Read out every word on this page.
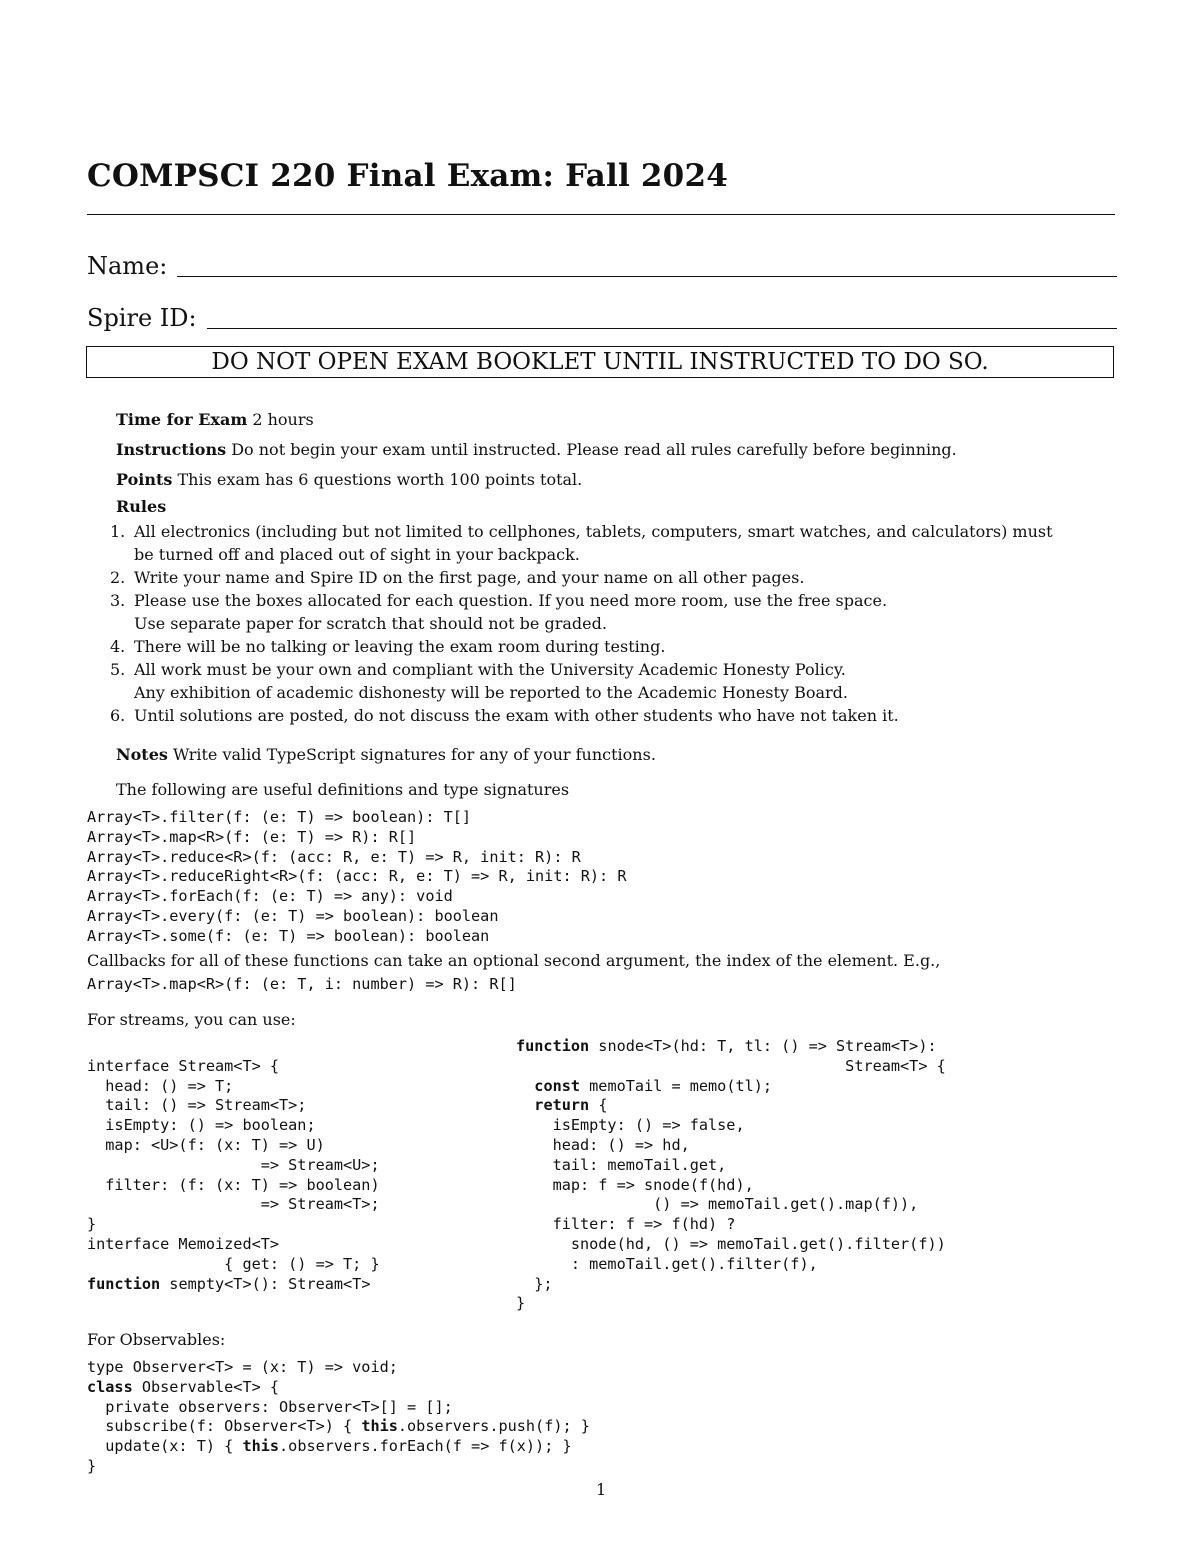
COMPSCI 220 Final Exam: Fall 2024
Name:
Spire ID:
DO NOT OPEN EXAM BOOKLET UNTIL INSTRUCTED TO DO SO.

Time for Exam 2 hours

Instructions Do not begin your exam until instructed. Please read all rules carefully before beginning.

Points This exam has 6 questions worth 100 points total.

Rules

1. All electronics (including but not limited to cellphones, tablets, computers, smart watches, and calculators) must
be turned off and placed out of sight in your backpack.
2. Write your name and Spire ID on the first page, and your name on all other pages.
3. Please use the boxes allocated for each question. If you need more room, use the free space.
Use separate paper for scratch that should not be graded.
4. There will be no talking or leaving the exam room during testing.
5. All work must be your own and compliant with the University Academic Honesty Policy.
Any exhibition of academic dishonesty will be reported to the Academic Honesty Board.
6. Until solutions are posted, do not discuss the exam with other students who have not taken it.

Notes Write valid TypeScript signatures for any of your functions.

The following are useful definitions and type signatures

Array<T>.filter(f: (e: T) => boolean): T[]
Array<T>.map<R>(f: (e: T) => R): R[]
Array<T>.reduce<R>(f: (acc: R, e: T) => R, init: R): R
Array<T>.reduceRight<R>(f: (acc: R, e: T) => R, init: R): R
Array<T>.forEach(f: (e: T) => any): void
Array<T>.every(f: (e: T) => boolean): boolean
Array<T>.some(f: (e: T) => boolean): boolean

Callbacks for all of these functions can take an optional second argument, the index of the element. E.g.,

Array<T>.map<R>(f: (e: T, i: number) => R): R[]

For streams, you can use:

interface Stream<T> {
head: () => T;
tail: () => Stream<T>;
isEmpty: () => boolean;
map: <U>(f: (x: T) => U)
=> Stream<U>;
filter: (f: (x: T) => boolean)
=> Stream<T>;
}
interface Memoized<T>
{ get: () => T; }
function sempty<T>(): Stream<T>
function snode<T>(hd: T, tl: () => Stream<T>):
Stream<T> {
const memoTail = memo(tl);
return {
isEmpty: () => false,
head: () => hd,
tail: memoTail.get,
map: f => snode(f(hd),
() => memoTail.get().map(f)),
filter: f => f(hd) ?
snode(hd, () => memoTail.get().filter(f))
: memoTail.get().filter(f),
};
}

For Observables:

type Observer<T> = (x: T) => void;
class Observable<T> {
private observers: Observer<T>[] = [];
subscribe(f: Observer<T>) { this.observers.push(f); }
update(x: T) { this.observers.forEach(f => f(x)); }
}
1
